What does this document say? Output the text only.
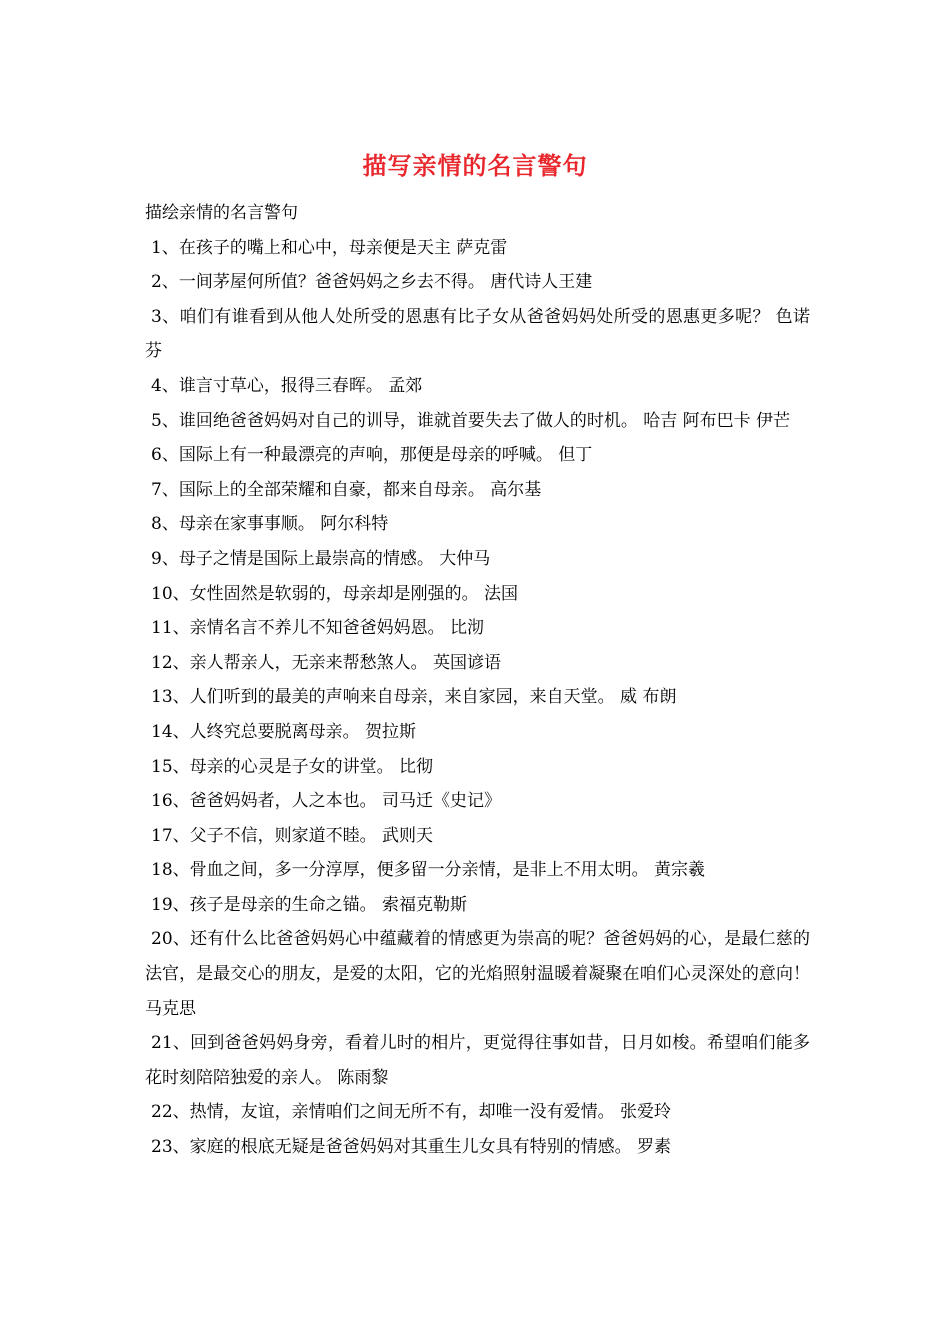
描写亲情的名言警句
描绘亲情的名言警句
1、在孩子的嘴上和心中，母亲便是天主 萨克雷
2、一间茅屋何所值？爸爸妈妈之乡去不得。 唐代诗人王建
3、咱们有谁看到从他人处所受的恩惠有比子女从爸爸妈妈处所受的恩惠更多呢？ 色诺芬
4、谁言寸草心，报得三春晖。 孟郊
5、谁回绝爸爸妈妈对自己的训导，谁就首要失去了做人的时机。 哈吉 阿布巴卡 伊芒
6、国际上有一种最漂亮的声响，那便是母亲的呼喊。 但丁
7、国际上的全部荣耀和自豪，都来自母亲。 高尔基
8、母亲在家事事顺。 阿尔科特
9、母子之情是国际上最崇高的情感。 大仲马
10、女性固然是软弱的，母亲却是刚强的。 法国
11、亲情名言不养儿不知爸爸妈妈恩。 比沏
12、亲人帮亲人，无亲来帮愁煞人。 英国谚语
13、人们听到的最美的声响来自母亲，来自家园，来自天堂。 威 布朗
14、人终究总要脱离母亲。 贺拉斯
15、母亲的心灵是子女的讲堂。 比彻
16、爸爸妈妈者，人之本也。 司马迁《史记》
17、父子不信，则家道不睦。 武则天
18、骨血之间，多一分淳厚，便多留一分亲情，是非上不用太明。 黄宗羲
19、孩子是母亲的生命之锚。 索福克勒斯
20、还有什么比爸爸妈妈心中蕴藏着的情感更为崇高的呢？爸爸妈妈的心，是最仁慈的法官，是最交心的朋友，是爱的太阳，它的光焰照射温暖着凝聚在咱们心灵深处的意向！ 马克思
21、回到爸爸妈妈身旁，看着儿时的相片，更觉得往事如昔，日月如梭。希望咱们能多花时刻陪陪独爱的亲人。 陈雨黎
22、热情，友谊，亲情咱们之间无所不有，却唯一没有爱情。 张爱玲
23、家庭的根底无疑是爸爸妈妈对其重生儿女具有特别的情感。 罗素
